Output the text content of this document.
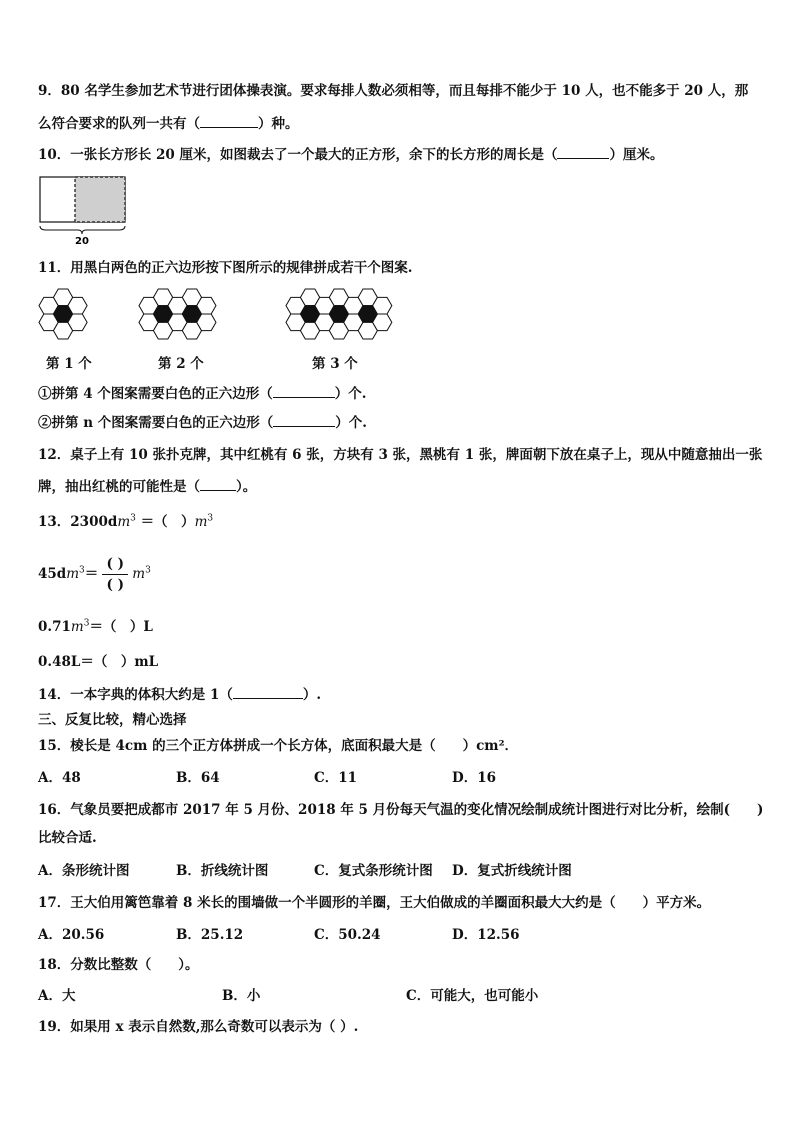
9．80 名学生参加艺术节进行团体操表演。要求每排人数必须相等，而且每排不能少于 10 人，也不能多于 20 人，那
么符合要求的队列一共有（	）种。
10．一张长方形长 20 厘米，如图裁去了一个最大的正方形，余下的长方形的周长是（	）厘米。
20
11．用黑白两色的正六边形按下图所示的规律拼成若干个图案.
第 1 个	第 2 个	第 3 个
①拼第 4 个图案需要白色的正六边形（	）个.
②拼第 n 个图案需要白色的正六边形（	）个.
12．桌子上有 10 张扑克牌，其中红桃有 6 张，方块有 3 张，黑桃有 1 张，牌面朝下放在桌子上，现从中随意抽出一张
牌，抽出红桃的可能性是（	）。
13．$2300dm^3$ ＝（　）$m^3$
$45dm^3= \frac{( )}{( )} m^3$
$0.71m^3=$（　）L
0.48L＝（　）mL
14．一本字典的体积大约是 1（	）.
三、反复比较，精心选择
15．棱长是 4cm 的三个正方体拼成一个长方体，底面积最大是（　　）cm²．
A．48	B．64	C．11	D．16
16．气象员要把成都市 2017 年 5 月份、2018 年 5 月份每天气温的变化情况绘制成统计图进行对比分析，绘制(　　)
比较合适.
A．条形统计图	B．折线统计图	C．复式条形统计图 D．复式折线统计图
17．王大伯用篱笆靠着 8 米长的围墙做一个半圆形的羊圈，王大伯做成的羊圈面积最大大约是（　　）平方米。
A．20.56	B．25.12	C．50.24	D．12.56
18．分数比整数（　　）。
A．大	B．小	C．可能大，也可能小
19．如果用 x 表示自然数,那么奇数可以表示为（ ）.
